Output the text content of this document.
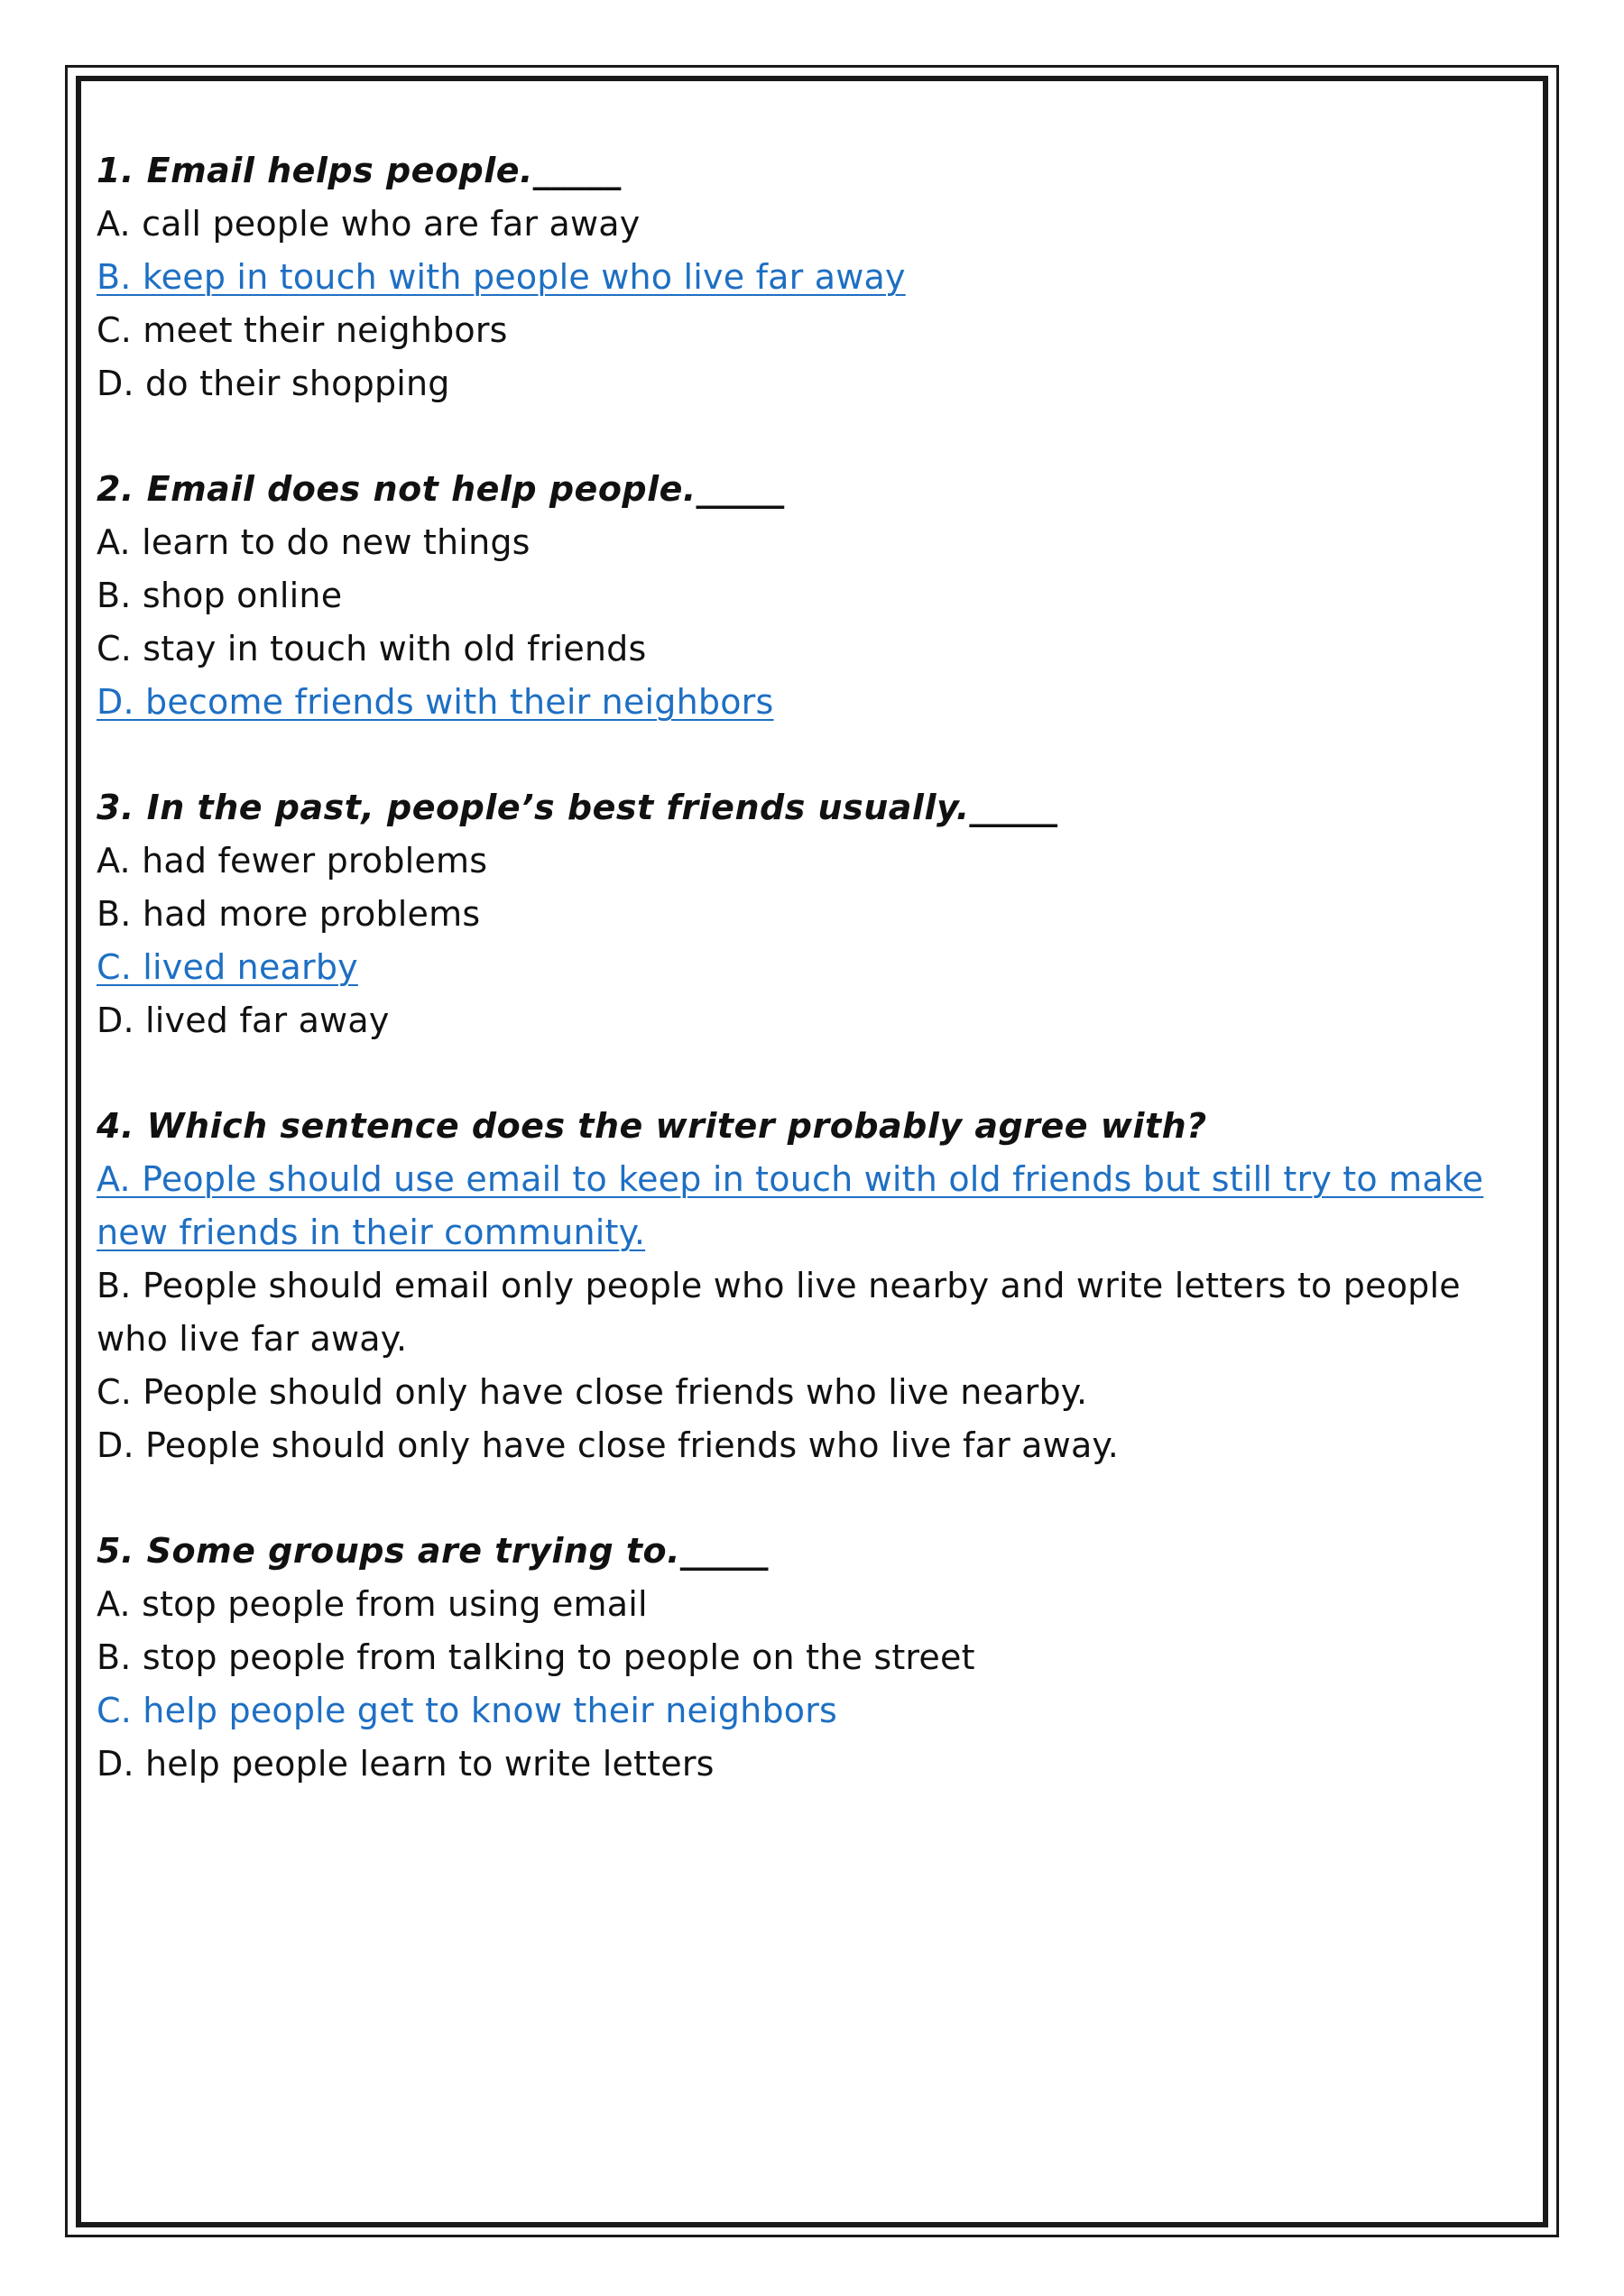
1. Email helps people._____

A. call people who are far away

B. keep in touch with people who live far away

C. meet their neighbors

D. do their shopping

2. Email does not help people._____

A. learn to do new things

B. shop online

C. stay in touch with old friends

D. become friends with their neighbors

3. In the past, people’s best friends usually._____

A. had fewer problems

B. had more problems

C. lived nearby

D. lived far away

4. Which sentence does the writer probably agree with?

A. People should use email to keep in touch with old friends but still try to make new friends in their community.

B. People should email only people who live nearby and write letters to people who live far away.

C. People should only have close friends who live nearby.

D. People should only have close friends who live far away.

5. Some groups are trying to._____

A. stop people from using email

B. stop people from talking to people on the street

C. help people get to know their neighbors

D. help people learn to write letters
